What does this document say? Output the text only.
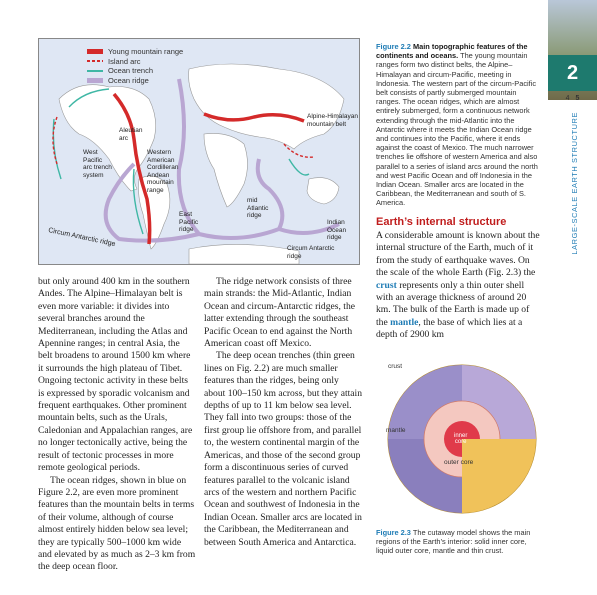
Young mountain range
Island arc
Ocean trench
Ocean ridge
Aleutian
arc
West
Pacific
arc trench
system
Western
American
Cordilleran
Andean
mountain
range
Alpine-Himalayan
mountain belt
mid
Atlantic
ridge
East
Pacific
ridge
Indian
Ocean
ridge
Circum Antarctic
ridge
Circum Antarctic ridge
Figure 2.2 Main topographic features of the continents and oceans. The young mountain ranges form two distinct belts, the Alpine–Himalayan and circum-Pacific, meeting in Indonesia. The western part of the circum-Pacific belt consists of partly submerged mountain ranges. The ocean ridges, which are almost entirely submerged, form a continuous network extending through the mid-Atlantic into the Antarctic where it meets the Indian Ocean ridge and continues into the Pacific, where it ends against the coast of Mexico. The much narrower trenches lie offshore of western America and also parallel to a series of island arcs around the north and west Pacific Ocean and off Indonesia in the Indian Ocean. Smaller arcs are located in the Caribbean, the Mediterranean and south of S. America.
Earth’s internal structure

A considerable amount is known about the internal structure of the Earth, much of it from the study of earthquake waves. On the scale of the whole Earth (Fig. 2.3) the crust represents only a thin outer shell with an average thickness of around 20 km. The bulk of the Earth is made up of the mantle, the base of which lies at a depth of 2900 km

but only around 400 km in the southern Andes. The Alpine–Himalayan belt is even more variable: it divides into several branches around the Mediterranean, including the Atlas and Apennine ranges; in central Asia, the belt broadens to around 1500 km where it surrounds the high plateau of Tibet. Ongoing tectonic activity in these belts is expressed by sporadic volcanism and frequent earthquakes. Other prominent mountain belts, such as the Urals, Caledonian and Appalachian ranges, are no longer tectonically active, being the result of tectonic processes in more remote geological periods.

The ocean ridges, shown in blue on Figure 2.2, are even more prominent features than the mountain belts in terms of their volume, although of course almost entirely hidden below sea level; they are typically 500–1000 km wide and elevated by as much as 2–3 km from the deep ocean floor.

The ridge network consists of three main strands: the Mid-Atlantic, Indian Ocean and circum-Antarctic ridges, the latter extending through the southeast Pacific Ocean to end against the North American coast off Mexico.

The deep ocean trenches (thin green lines on Fig. 2.2) are much smaller features than the ridges, being only about 100–150 km across, but they attain depths of up to 11 km below sea level. They fall into two groups: those of the first group lie offshore from, and parallel to, the western continental margin of the Americas, and those of the second group form a discontinuous series of curved features parallel to the volcanic island arcs of the western and northern Pacific Ocean and southwest of Indonesia in the Indian Ocean. Smaller arcs are located in the Caribbean, the Mediterranean and between South America and Antarctica.

crust
mantle
inner
core
outer core
Figure 2.3 The cutaway model shows the main regions of the Earth’s interior: solid inner core, liquid outer core, mantle and thin crust.
2
4 5
LARGE-SCALE EARTH STRUCTURE
